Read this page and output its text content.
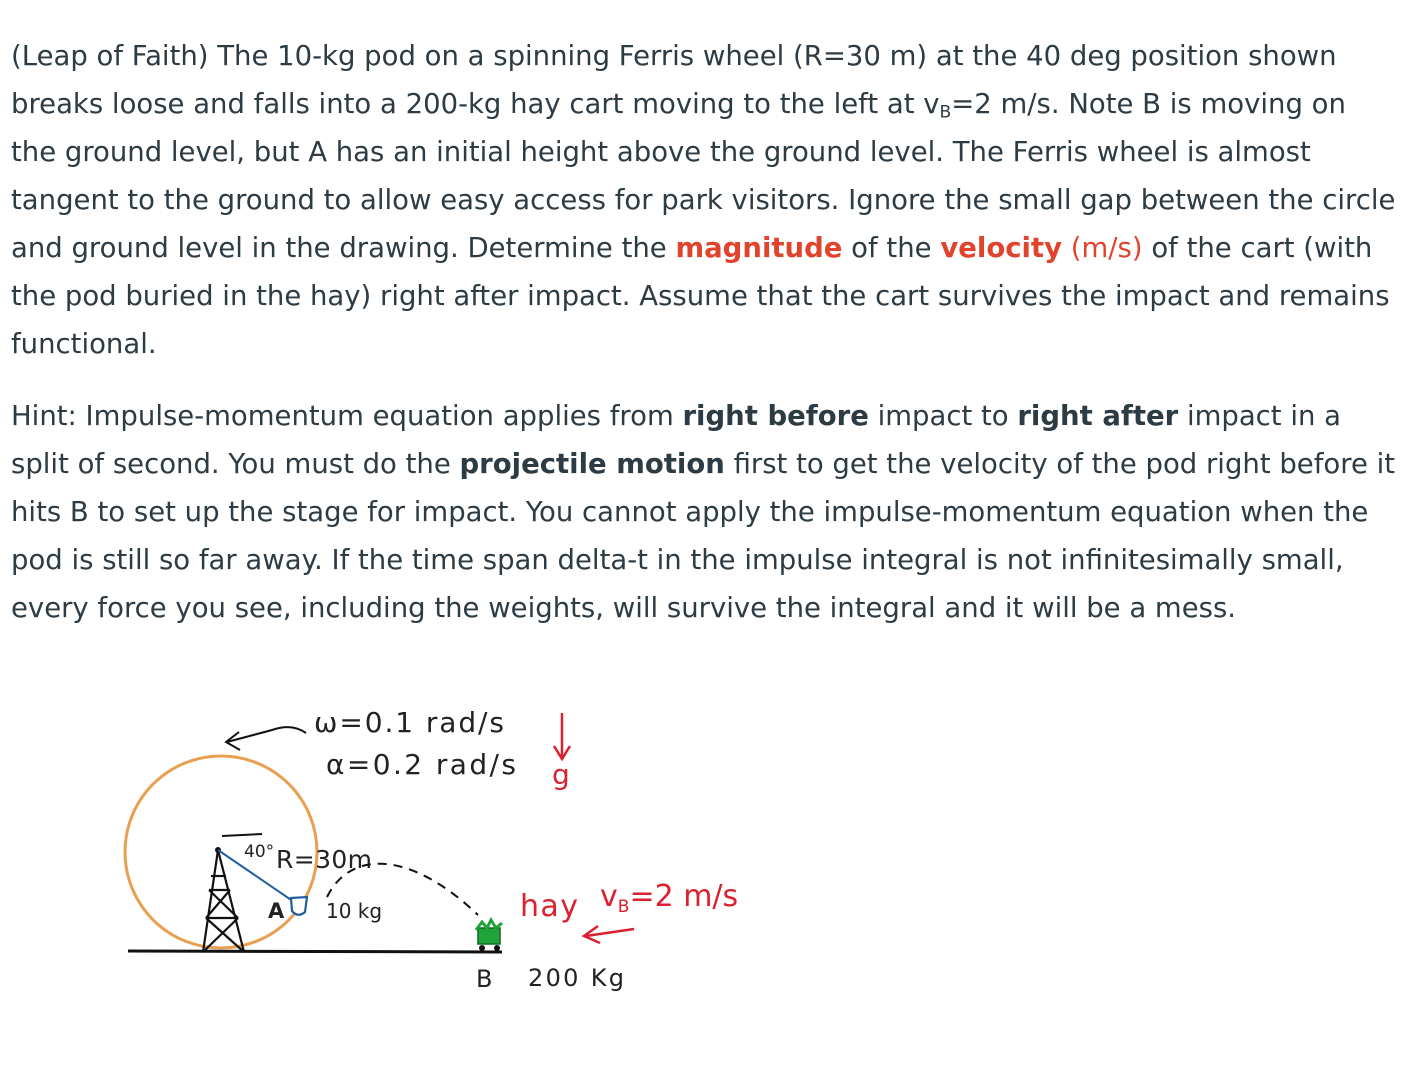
(Leap of Faith) The 10-kg pod on a spinning Ferris wheel (R=30 m) at the 40 deg position shown breaks loose and falls into a 200-kg hay cart moving to the left at $v_B=2$ m/s. Note B is moving on the ground level, but A has an initial height above the ground level. The Ferris wheel is almost tangent to the ground to allow easy access for park visitors. Ignore the small gap between the circle and ground level in the drawing. Determine the magnitude of the velocity (m/s) of the cart (with the pod buried in the hay) right after impact. Assume that the cart survives the impact and remains functional.

Hint: Impulse-momentum equation applies from right before impact to right after impact in a split of second. You must do the projectile motion first to get the velocity of the pod right before it hits B to set up the stage for impact. You cannot apply the impulse-momentum equation when the pod is still so far away. If the time span delta-t in the impulse integral is not infinitesimally small, every force you see, including the weights, will survive the integral and it will be a mess.

40° R=30m
A 10 kg
ω=0.1 rad/s
α=0.2 rad/s g
B 200 Kg
hay $v_B=2$ m/s
